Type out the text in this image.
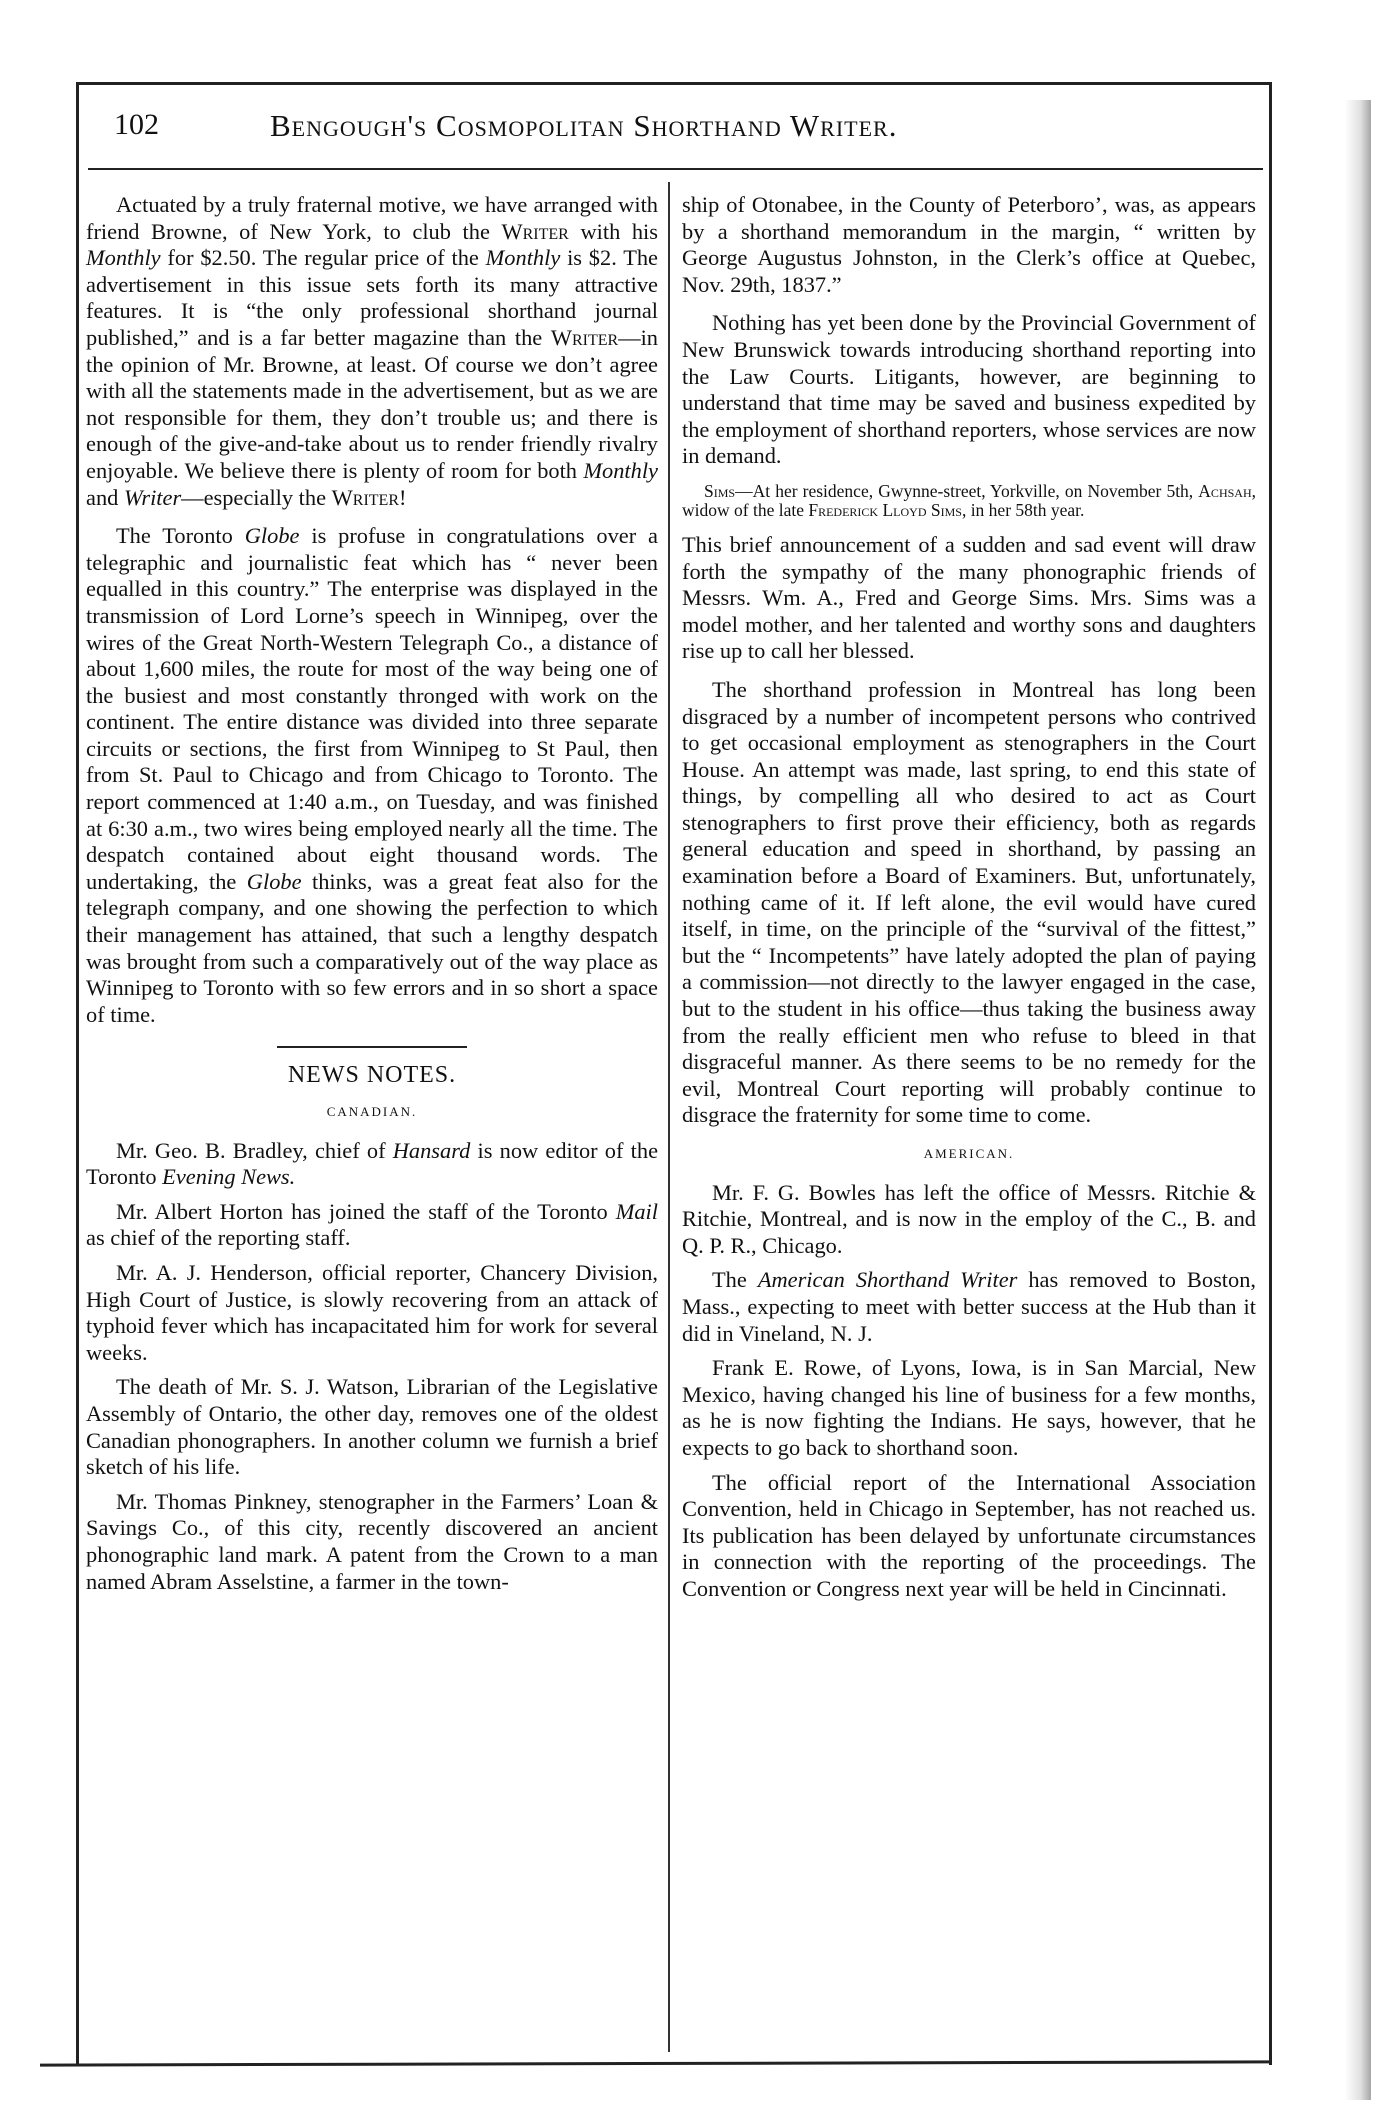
102	Bengough's Cosmopolitan Shorthand Writer.

Actuated by a truly fraternal motive, we have arranged with friend Browne, of New York, to club the Writer with his Monthly for $2.50. The regular price of the Monthly is $2. The advertisement in this issue sets forth its many attractive features. It is “the only professional shorthand journal published,” and is a far better magazine than the Writer—in the opinion of Mr. Browne, at least. Of course we don’t agree with all the statements made in the advertisement, but as we are not responsible for them, they don’t trouble us; and there is enough of the give-and-take about us to render friendly rivalry enjoyable. We believe there is plenty of room for both Monthly and Writer—especially the Writer!

The Toronto Globe is profuse in congratulations over a telegraphic and journalistic feat which has “ never been equalled in this country.” The enterprise was displayed in the transmission of Lord Lorne’s speech in Winnipeg, over the wires of the Great North-Western Telegraph Co., a distance of about 1,600 miles, the route for most of the way being one of the busiest and most constantly thronged with work on the continent. The entire distance was divided into three separate circuits or sections, the first from Winnipeg to St Paul, then from St. Paul to Chicago and from Chicago to Toronto. The report commenced at 1:40 a.m., on Tuesday, and was finished at 6:30 a.m., two wires being employed nearly all the time. The despatch contained about eight thousand words. The undertaking, the Globe thinks, was a great feat also for the telegraph company, and one showing the perfection to which their management has attained, that such a lengthy despatch was brought from such a comparatively out of the way place as Winnipeg to Toronto with so few errors and in so short a space of time.

NEWS NOTES.
CANADIAN.

Mr. Geo. B. Bradley, chief of Hansard is now editor of the Toronto Evening News.

Mr. Albert Horton has joined the staff of the Toronto Mail as chief of the reporting staff.

Mr. A. J. Henderson, official reporter, Chancery Division, High Court of Justice, is slowly recovering from an attack of typhoid fever which has incapacitated him for work for several weeks.

The death of Mr. S. J. Watson, Librarian of the Legislative Assembly of Ontario, the other day, removes one of the oldest Canadian phonographers. In another column we furnish a brief sketch of his life.

Mr. Thomas Pinkney, stenographer in the Farmers’ Loan & Savings Co., of this city, recently discovered an ancient phonographic land mark. A patent from the Crown to a man named Abram Asselstine, a farmer in the town-

ship of Otonabee, in the County of Peterboro’, was, as appears by a shorthand memorandum in the margin, “ written by George Augustus Johnston, in the Clerk’s office at Quebec, Nov. 29th, 1837.”

Nothing has yet been done by the Provincial Government of New Brunswick towards introducing shorthand reporting into the Law Courts. Litigants, however, are beginning to understand that time may be saved and business expedited by the employment of shorthand reporters, whose services are now in demand.

Sims—At her residence, Gwynne-street, Yorkville, on November 5th, Achsah, widow of the late Frederick Lloyd Sims, in her 58th year.

This brief announcement of a sudden and sad event will draw forth the sympathy of the many phonographic friends of Messrs. Wm. A., Fred and George Sims. Mrs. Sims was a model mother, and her talented and worthy sons and daughters rise up to call her blessed.

The shorthand profession in Montreal has long been disgraced by a number of incompetent persons who contrived to get occasional employment as stenographers in the Court House. An attempt was made, last spring, to end this state of things, by compelling all who desired to act as Court stenographers to first prove their efficiency, both as regards general education and speed in shorthand, by passing an examination before a Board of Examiners. But, unfortunately, nothing came of it. If left alone, the evil would have cured itself, in time, on the principle of the “survival of the fittest,” but the “ Incompetents” have lately adopted the plan of paying a commission—not directly to the lawyer engaged in the case, but to the student in his office—thus taking the business away from the really efficient men who refuse to bleed in that disgraceful manner. As there seems to be no remedy for the evil, Montreal Court reporting will probably continue to disgrace the fraternity for some time to come.

AMERICAN.

Mr. F. G. Bowles has left the office of Messrs. Ritchie & Ritchie, Montreal, and is now in the employ of the C., B. and Q. P. R., Chicago.

The American Shorthand Writer has removed to Boston, Mass., expecting to meet with better success at the Hub than it did in Vineland, N. J.

Frank E. Rowe, of Lyons, Iowa, is in San Marcial, New Mexico, having changed his line of business for a few months, as he is now fighting the Indians. He says, however, that he expects to go back to shorthand soon.

The official report of the International Association Convention, held in Chicago in September, has not reached us. Its publication has been delayed by unfortunate circumstances in connection with the reporting of the proceedings. The Convention or Congress next year will be held in Cincinnati.
